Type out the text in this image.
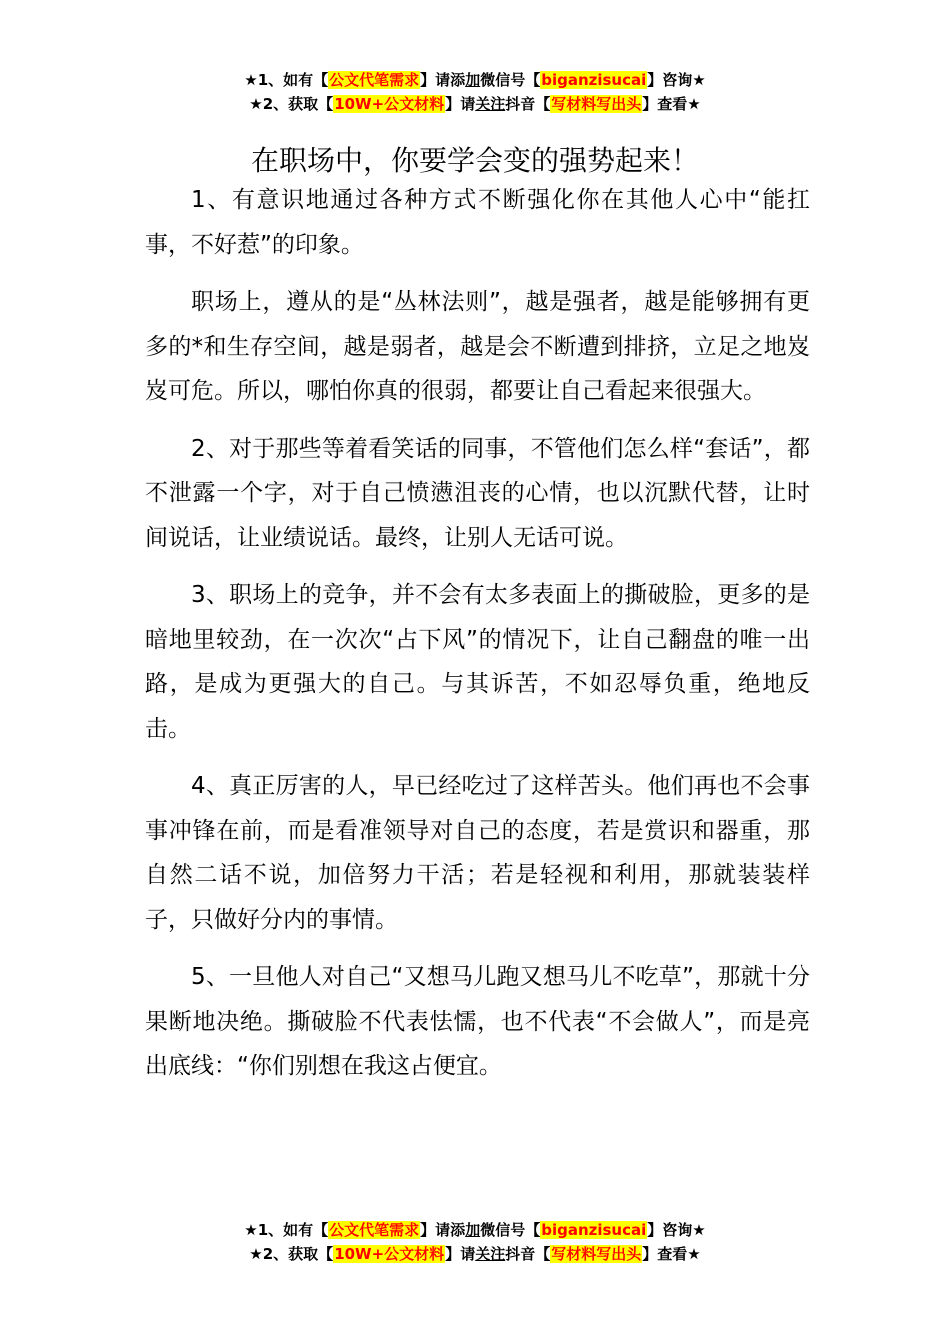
★1、如有【公文代笔需求】请添加微信号【biganzisucai】咨询★
★2、获取【10W+公文材料】请关注抖音【写材料写出头】查看★
在职场中，你要学会变的强势起来！

1、有意识地通过各种方式不断强化你在其他人心中“能扛事，不好惹”的印象。

职场上，遵从的是“丛林法则”，越是强者，越是能够拥有更多的*和生存空间，越是弱者，越是会不断遭到排挤，立足之地岌岌可危。所以，哪怕你真的很弱，都要让自己看起来很强大。

2、对于那些等着看笑话的同事，不管他们怎么样“套话”，都不泄露一个字，对于自己愤懑沮丧的心情，也以沉默代替，让时间说话，让业绩说话。最终，让别人无话可说。

3、职场上的竞争，并不会有太多表面上的撕破脸，更多的是暗地里较劲，在一次次“占下风”的情况下，让自己翻盘的唯一出路，是成为更强大的自己。与其诉苦，不如忍辱负重，绝地反击。

4、真正厉害的人，早已经吃过了这样苦头。他们再也不会事事冲锋在前，而是看准领导对自己的态度，若是赏识和器重，那自然二话不说，加倍努力干活；若是轻视和利用，那就装装样子，只做好分内的事情。

5、一旦他人对自己“又想马儿跑又想马儿不吃草”，那就十分果断地决绝。撕破脸不代表怯懦，也不代表“不会做人”，而是亮出底线：“你们别想在我这占便宜。

★1、如有【公文代笔需求】请添加微信号【biganzisucai】咨询★
★2、获取【10W+公文材料】请关注抖音【写材料写出头】查看★
